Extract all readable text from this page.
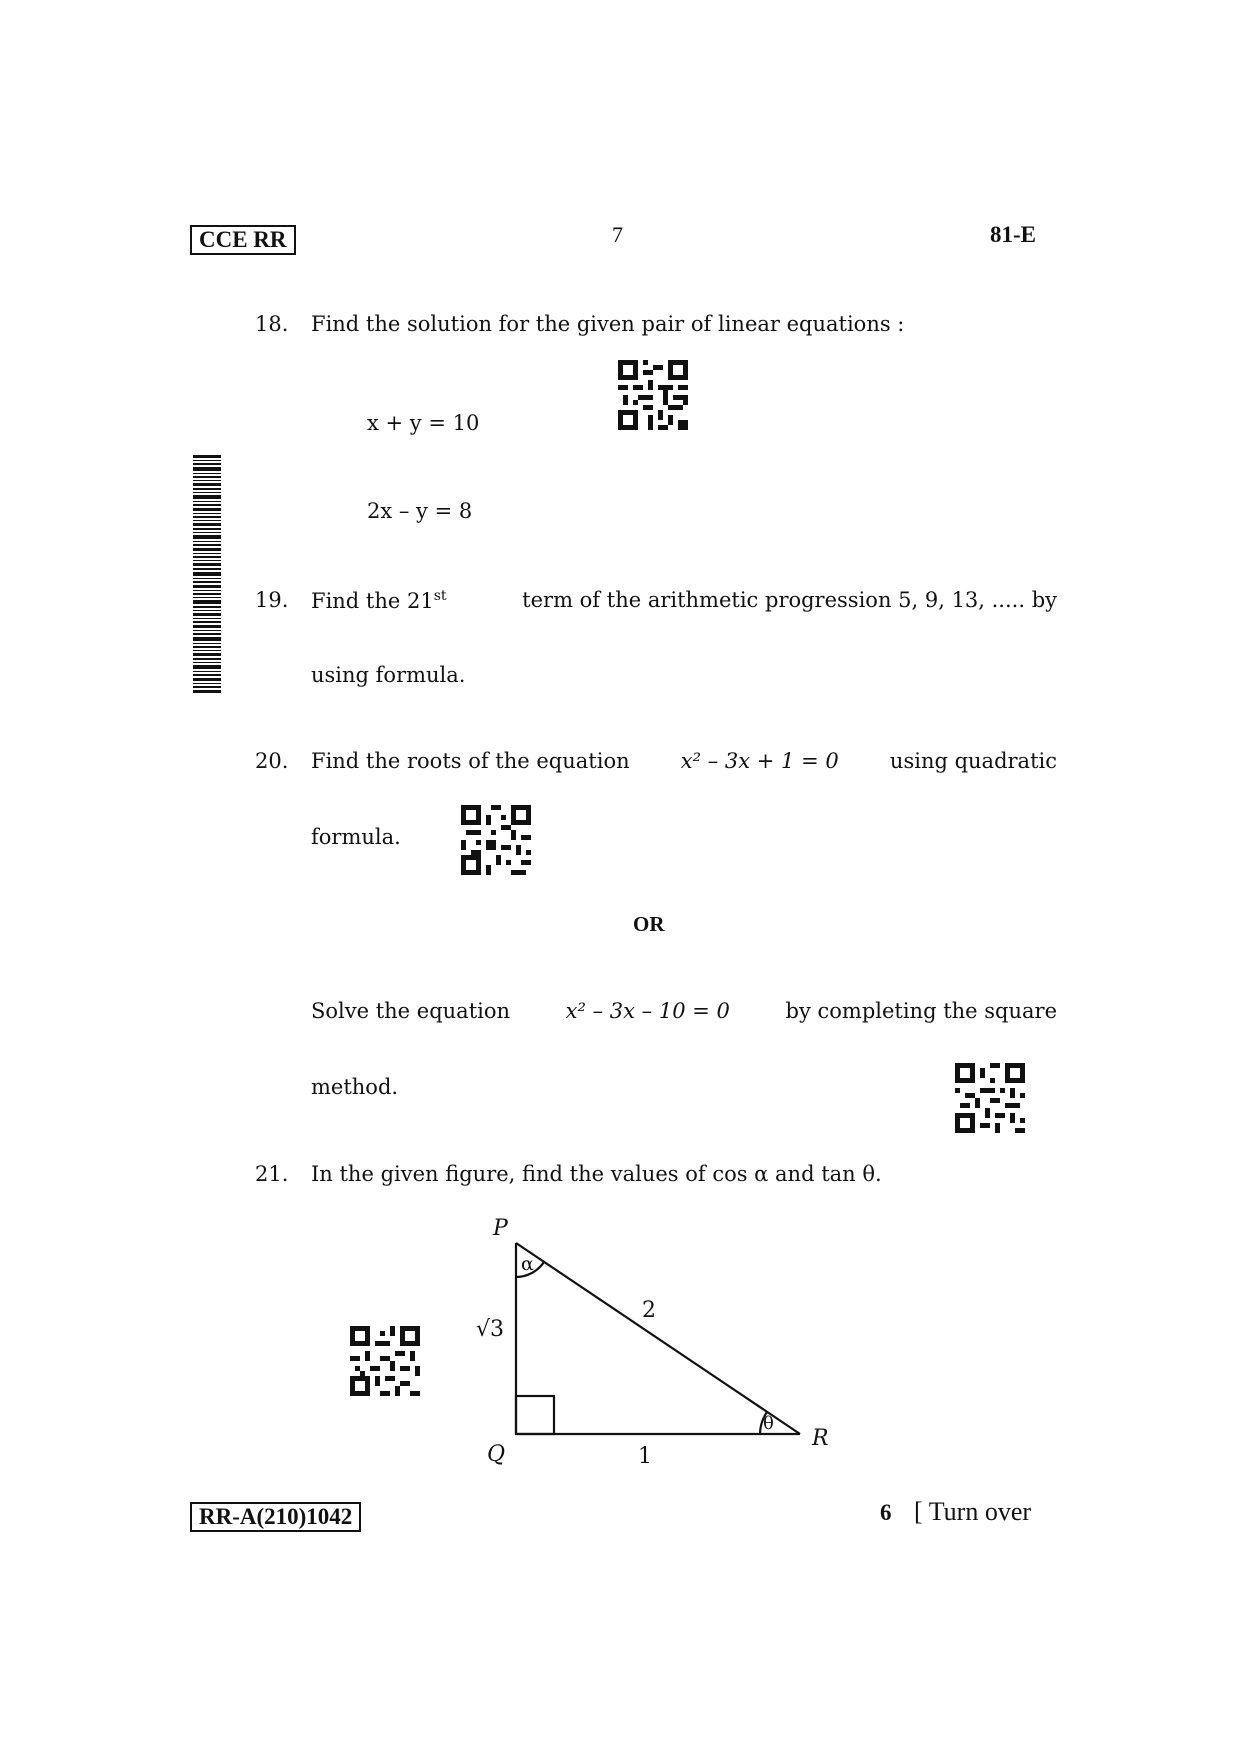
CCE RR	7	81-E
18. Find the solution for the given pair of linear equations :
x + y = 10
2x – y = 8
19. Find the 21st	term of the arithmetic progression 5, 9, 13, ..... by
using formula.
20. Find the roots of the equation x² – 3x + 1 = 0 using quadratic
formula.
OR
Solve the equation	x² – 3x – 10 = 0	by completing the square
method.
21. In the given figure, find the values of cos α and tan θ.
P
Q
R
√3
2
1
α
θ
RR-A(210)1042	6 [ Turn over
